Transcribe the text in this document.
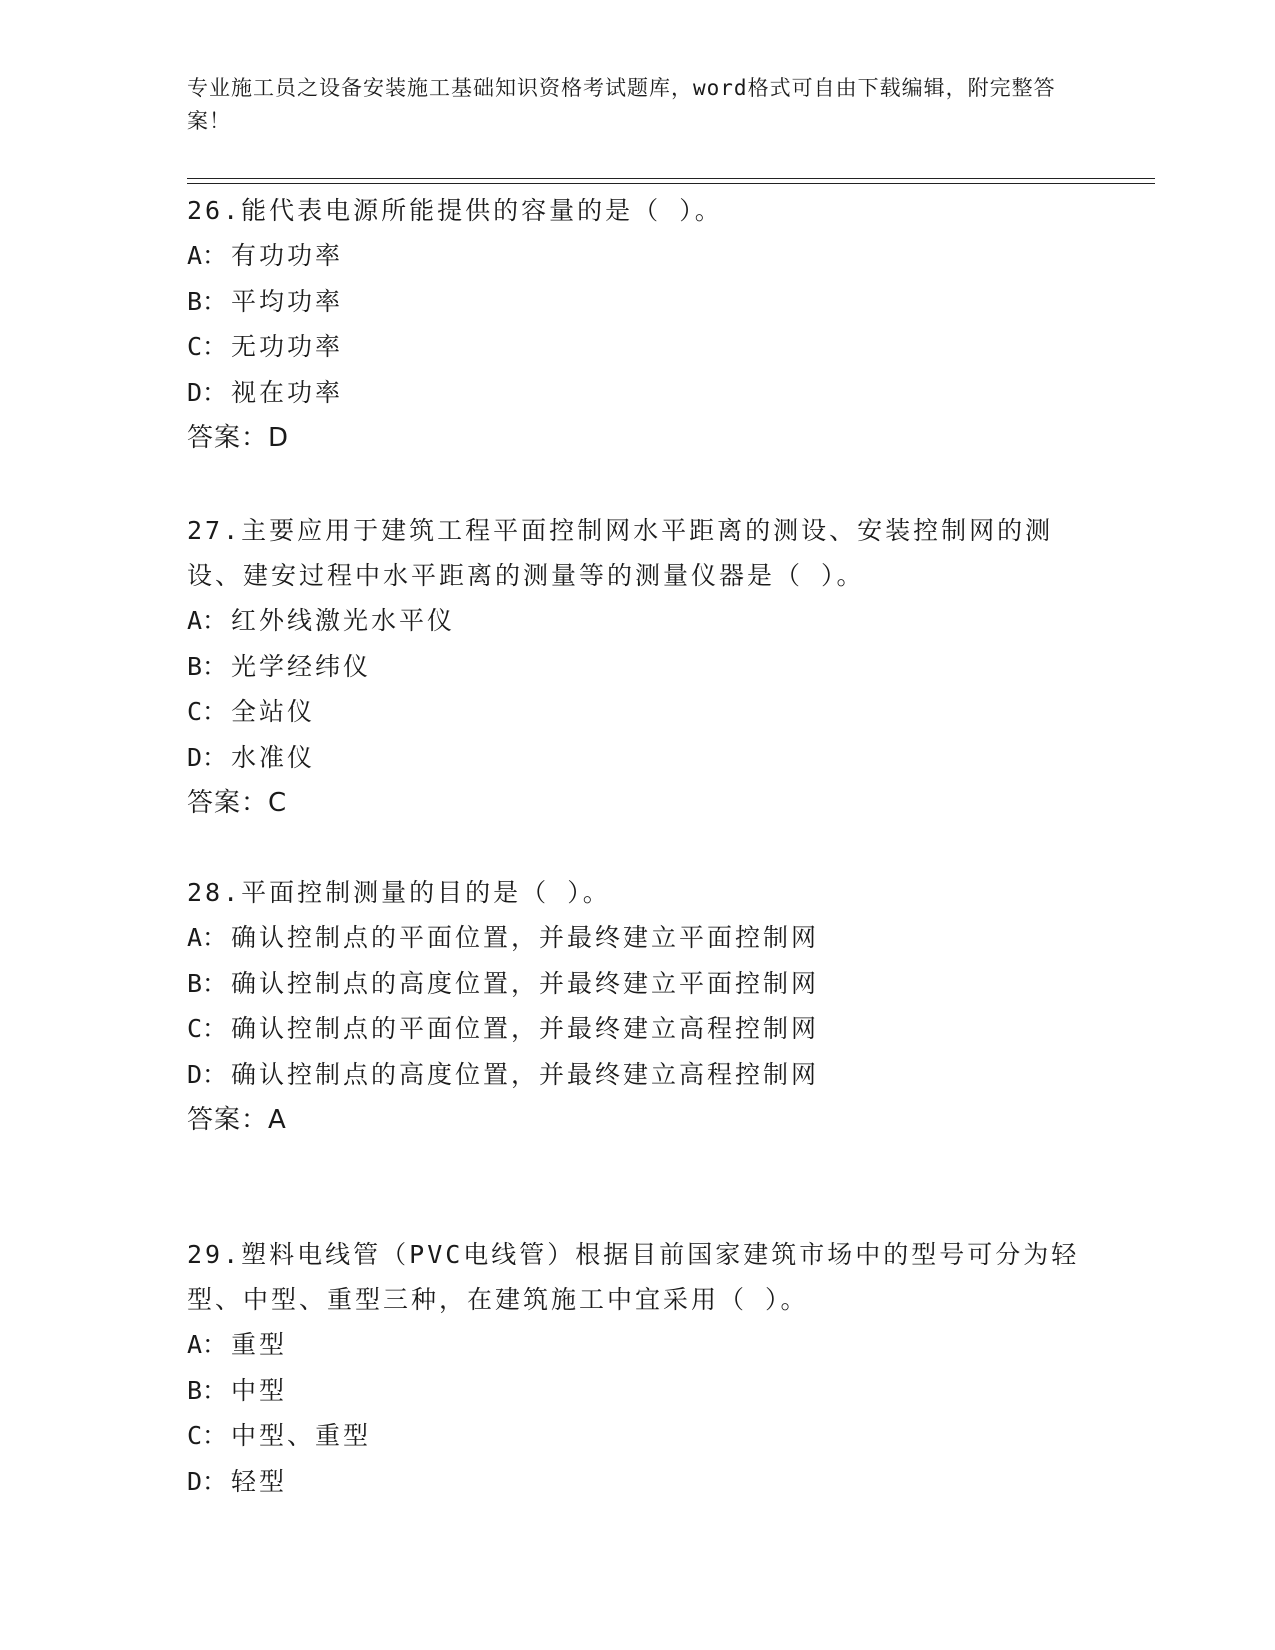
专业施工员之设备安装施工基础知识资格考试题库，word格式可自由下载编辑，附完整答案！

26.能代表电源所能提供的容量的是（ ）。

A： 有功功率
B： 平均功率
C： 无功功率
D： 视在功率
答案：D

27.主要应用于建筑工程平面控制网水平距离的测设、安装控制网的测设、建安过程中水平距离的测量等的测量仪器是（ ）。

A： 红外线激光水平仪
B： 光学经纬仪
C： 全站仪
D： 水准仪
答案：C

28.平面控制测量的目的是（ ）。

A： 确认控制点的平面位置，并最终建立平面控制网
B： 确认控制点的高度位置，并最终建立平面控制网
C： 确认控制点的平面位置，并最终建立高程控制网
D： 确认控制点的高度位置，并最终建立高程控制网
答案：A

29.塑料电线管（PVC电线管）根据目前国家建筑市场中的型号可分为轻型、中型、重型三种，在建筑施工中宜采用（ ）。

A： 重型
B： 中型
C： 中型、重型
D： 轻型
